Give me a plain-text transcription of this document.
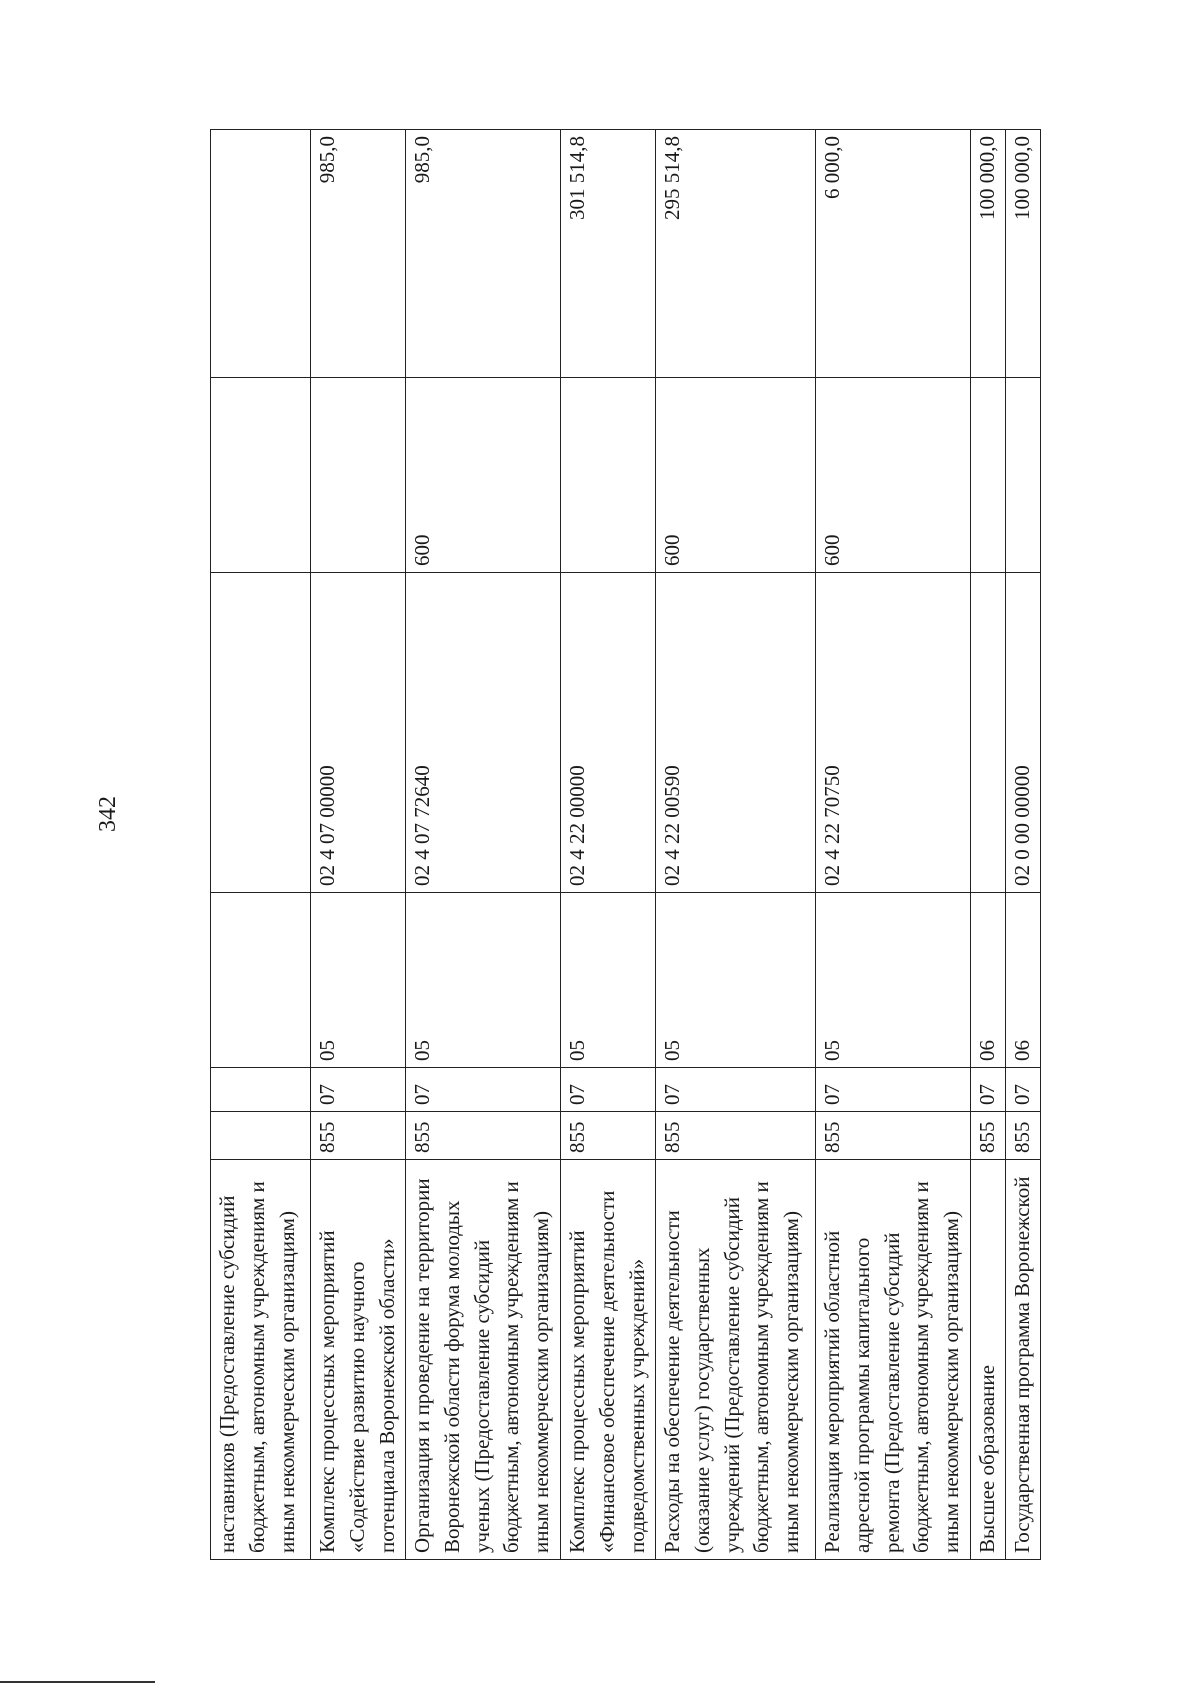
342
наставников (Предоставление субсидий бюджетным, автономным учреждениям и иным некоммерческим организациям)						
Комплекс процессных мероприятий «Содействие развитию научного потенциала Воронежской области»	855	07	05	02 4 07 00000		985,0
Организация и проведение на территории Воронежской области форума молодых ученых (Предоставление субсидий бюджетным, автономным учреждениям и иным некоммерческим организациям)	855	07	05	02 4 07 72640	600	985,0
Комплекс процессных мероприятий «Финансовое обеспечение деятельности подведомственных учреждений»	855	07	05	02 4 22 00000		301 514,8
Расходы на обеспечение деятельности (оказание услуг) государственных учреждений (Предоставление субсидий бюджетным, автономным учреждениям и иным некоммерческим организациям)	855	07	05	02 4 22 00590	600	295 514,8
Реализация мероприятий областной адресной программы капитального ремонта (Предоставление субсидий бюджетным, автономным учреждениям и иным некоммерческим организациям)	855	07	05	02 4 22 70750	600	6 000,0
Высшее образование	855	07	06			100 000,0
Государственная программа Воронежской	855	07	06	02 0 00 00000		100 000,0
